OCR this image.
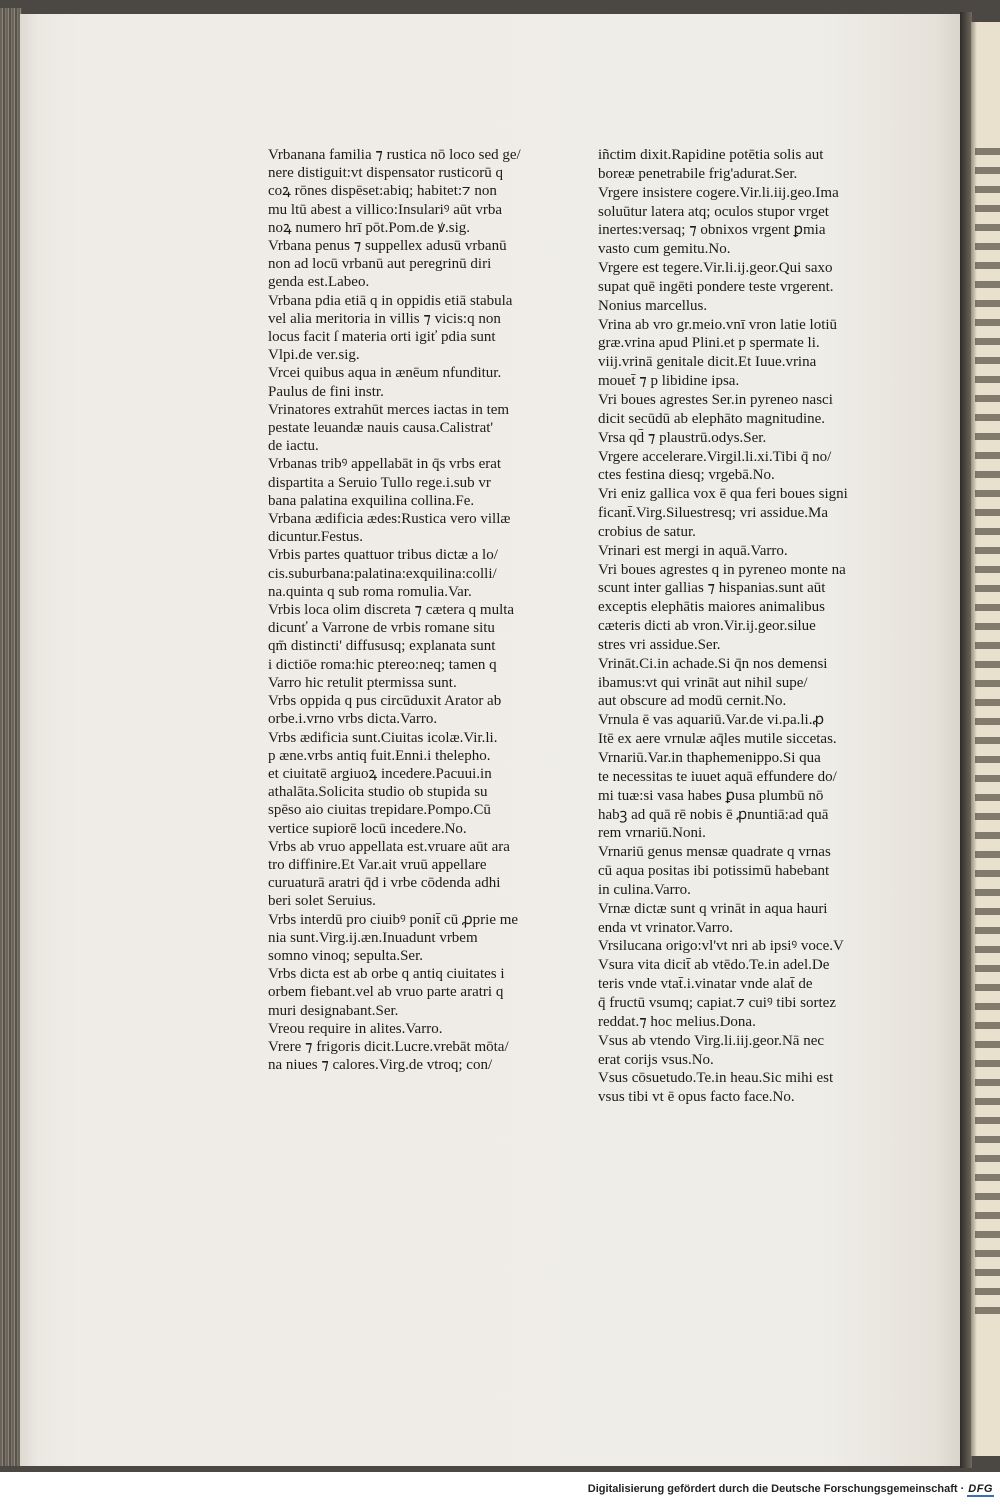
Vrbanana familia ⁊ rustica nō loco sed ge/
nere distiguit:vt dispensator rusticorū q
coꝝ rōnes dispēset:abiq; habitet:⁊ non
mu ltū abest a villico:Insulariꝰ aūt vrba
noꝝ numero hrī pōt.Pom.de ꝟ.sig.
Vrbana penus ⁊ suppellex adusū vrbanū
non ad locū vrbanū aut peregrinū diri
genda est.Labeo.
Vrbana pdia etiā q in oppidis etiā stabula
vel alia meritoria in villis ⁊ vicis:q non
locus facit ſ materia orti igiť pdia sunt
Vlpi.de ver.sig.
Vrcei quibus aqua in ænēum nfunditur.
Paulus de fini instr.
Vrinatores extrahūt merces iactas in tem
pestate leuandæ nauis causa.Calistrat'
de iactu.
Vrbanas tribꝰ appellabāt in q̄s vrbs erat
dispartita a Seruio Tullo rege.i.sub vr
bana palatina exquilina collina.Fe.
Vrbana ædificia ædes:Rustica vero villæ
dicuntur.Festus.
Vrbis partes quattuor tribus dictæ a lo/
cis.suburbana:palatina:exquilina:colli/
na.quinta q sub roma romulia.Var.
Vrbis loca olim discreta ⁊ cætera q multa
dicunť a Varrone de vrbis romane situ
qm̄ distincti' diffususq; explanata sunt
i dictiōe roma:hic ptereo:neq; tamen q
Varro hic retulit ptermissa sunt.
Vrbs oppida q pus circūduxit Arator ab
orbe.i.vrno vrbs dicta.Varro.
Vrbs ædificia sunt.Ciuitas icolæ.Vir.li.
p æne.vrbs antiq fuit.Enni.i thelepho.
et ciuitatē argiuoꝝ incedere.Pacuui.in
athalāta.Solicita studio ob stupida su
spēso aio ciuitas trepidare.Pompo.Cū
vertice supiorē locū incedere.No.
Vrbs ab vruo appellata est.vruare aūt ara
tro diffinire.Et Var.ait vruū appellare
curuaturā aratri q̄d i vrbe cōdenda adhi
beri solet Seruius.
Vrbs interdū pro ciuibꝰ ponit̄ cū ꝓprie me
nia sunt.Virg.ij.æn.Inuadunt vrbem
somno vinoq; sepulta.Ser.
Vrbs dicta est ab orbe q antiq ciuitates i
orbem fiebant.vel ab vruo parte aratri q
muri designabant.Ser.
Vreou require in alites.Varro.
Vrere ⁊ frigoris dicit.Lucre.vrebāt mōta/
na niues ⁊ calores.Virg.de vtroq; con/
iñctim dixit.Rapidine potētia solis aut
boreæ penetrabile frig'adurat.Ser.
Vrgere insistere cogere.Vir.li.iij.geo.Ima
soluūtur latera atq; oculos stupor vrget
inertes:versaq; ⁊ obnixos vrgent ꝑmia
vasto cum gemitu.No.
Vrgere est tegere.Vir.li.ij.geor.Qui saxo
supat quē ingēti pondere teste vrgerent.
Nonius marcellus.
Vrina ab vro gr.meio.vnī vron latie lotiū
græ.vrina apud Plini.et p spermate li.
viij.vrinā genitale dicit.Et Iuue.vrina
mouet̄ ⁊ p libidine ipsa.
Vri boues agrestes Ser.in pyreneo nasci
dicit secūdū ab elephāto magnitudine.
Vrsa qd̄ ⁊ plaustrū.odys.Ser.
Vrgere accelerare.Virgil.li.xi.Tibi q̄ no/
ctes festina diesq; vrgebā.No.
Vri eniz gallica vox ē qua feri boues signi
ficant̄.Virg.Siluestresq; vri assidue.Ma
crobius de satur.
Vrinari est mergi in aquā.Varro.
Vri boues agrestes q in pyreneo monte na
scunt inter gallias ⁊ hispanias.sunt aūt
exceptis elephātis maiores animalibus
cæteris dicti ab vron.Vir.ij.geor.silue
stres vri assidue.Ser.
Vrināt.Ci.in achade.Si q̄n nos demensi
ibamus:vt qui vrināt aut nihil supe/
aut obscure ad modū cernit.No.
Vrnula ē vas aquariū.Var.de vi.pa.li.ꝓ
Itē ex aere vrnulæ aq̄les mutile siccetas.
Vrnariū.Var.in thaphemenippo.Si qua
te necessitas te iuuet aquā effundere do/
mi tuæ:si vasa habes ꝑusa plumbū nō
habꝫ ad quā rē nobis ē ꝓnuntiā:ad quā
rem vrnariū.Noni.
Vrnariū genus mensæ quadrate q vrnas
cū aqua positas ibi potissimū habebant
in culina.Varro.
Vrnæ dictæ sunt q vrināt in aqua hauri
enda vt vrinator.Varro.
Vrsilucana origo:vl'vt nri ab ipsiꝰ voce.V
Vsura vita dicit̄ ab vtēdo.Te.in adel.De
teris vnde vtat̄.i.vinatar vnde alat̄ de
q̄ fructū vsumq; capiat.⁊ cuiꝰ tibi sortez
reddat.⁊ hoc melius.Dona.
Vsus ab vtendo Virg.li.iij.geor.Nā nec
erat corijs vsus.No.
Vsus cōsuetudo.Te.in heau.Sic mihi est
vsus tibi vt ē opus facto face.No.
Digitalisierung gefördert durch die Deutsche Forschungsgemeinschaft · DFG
